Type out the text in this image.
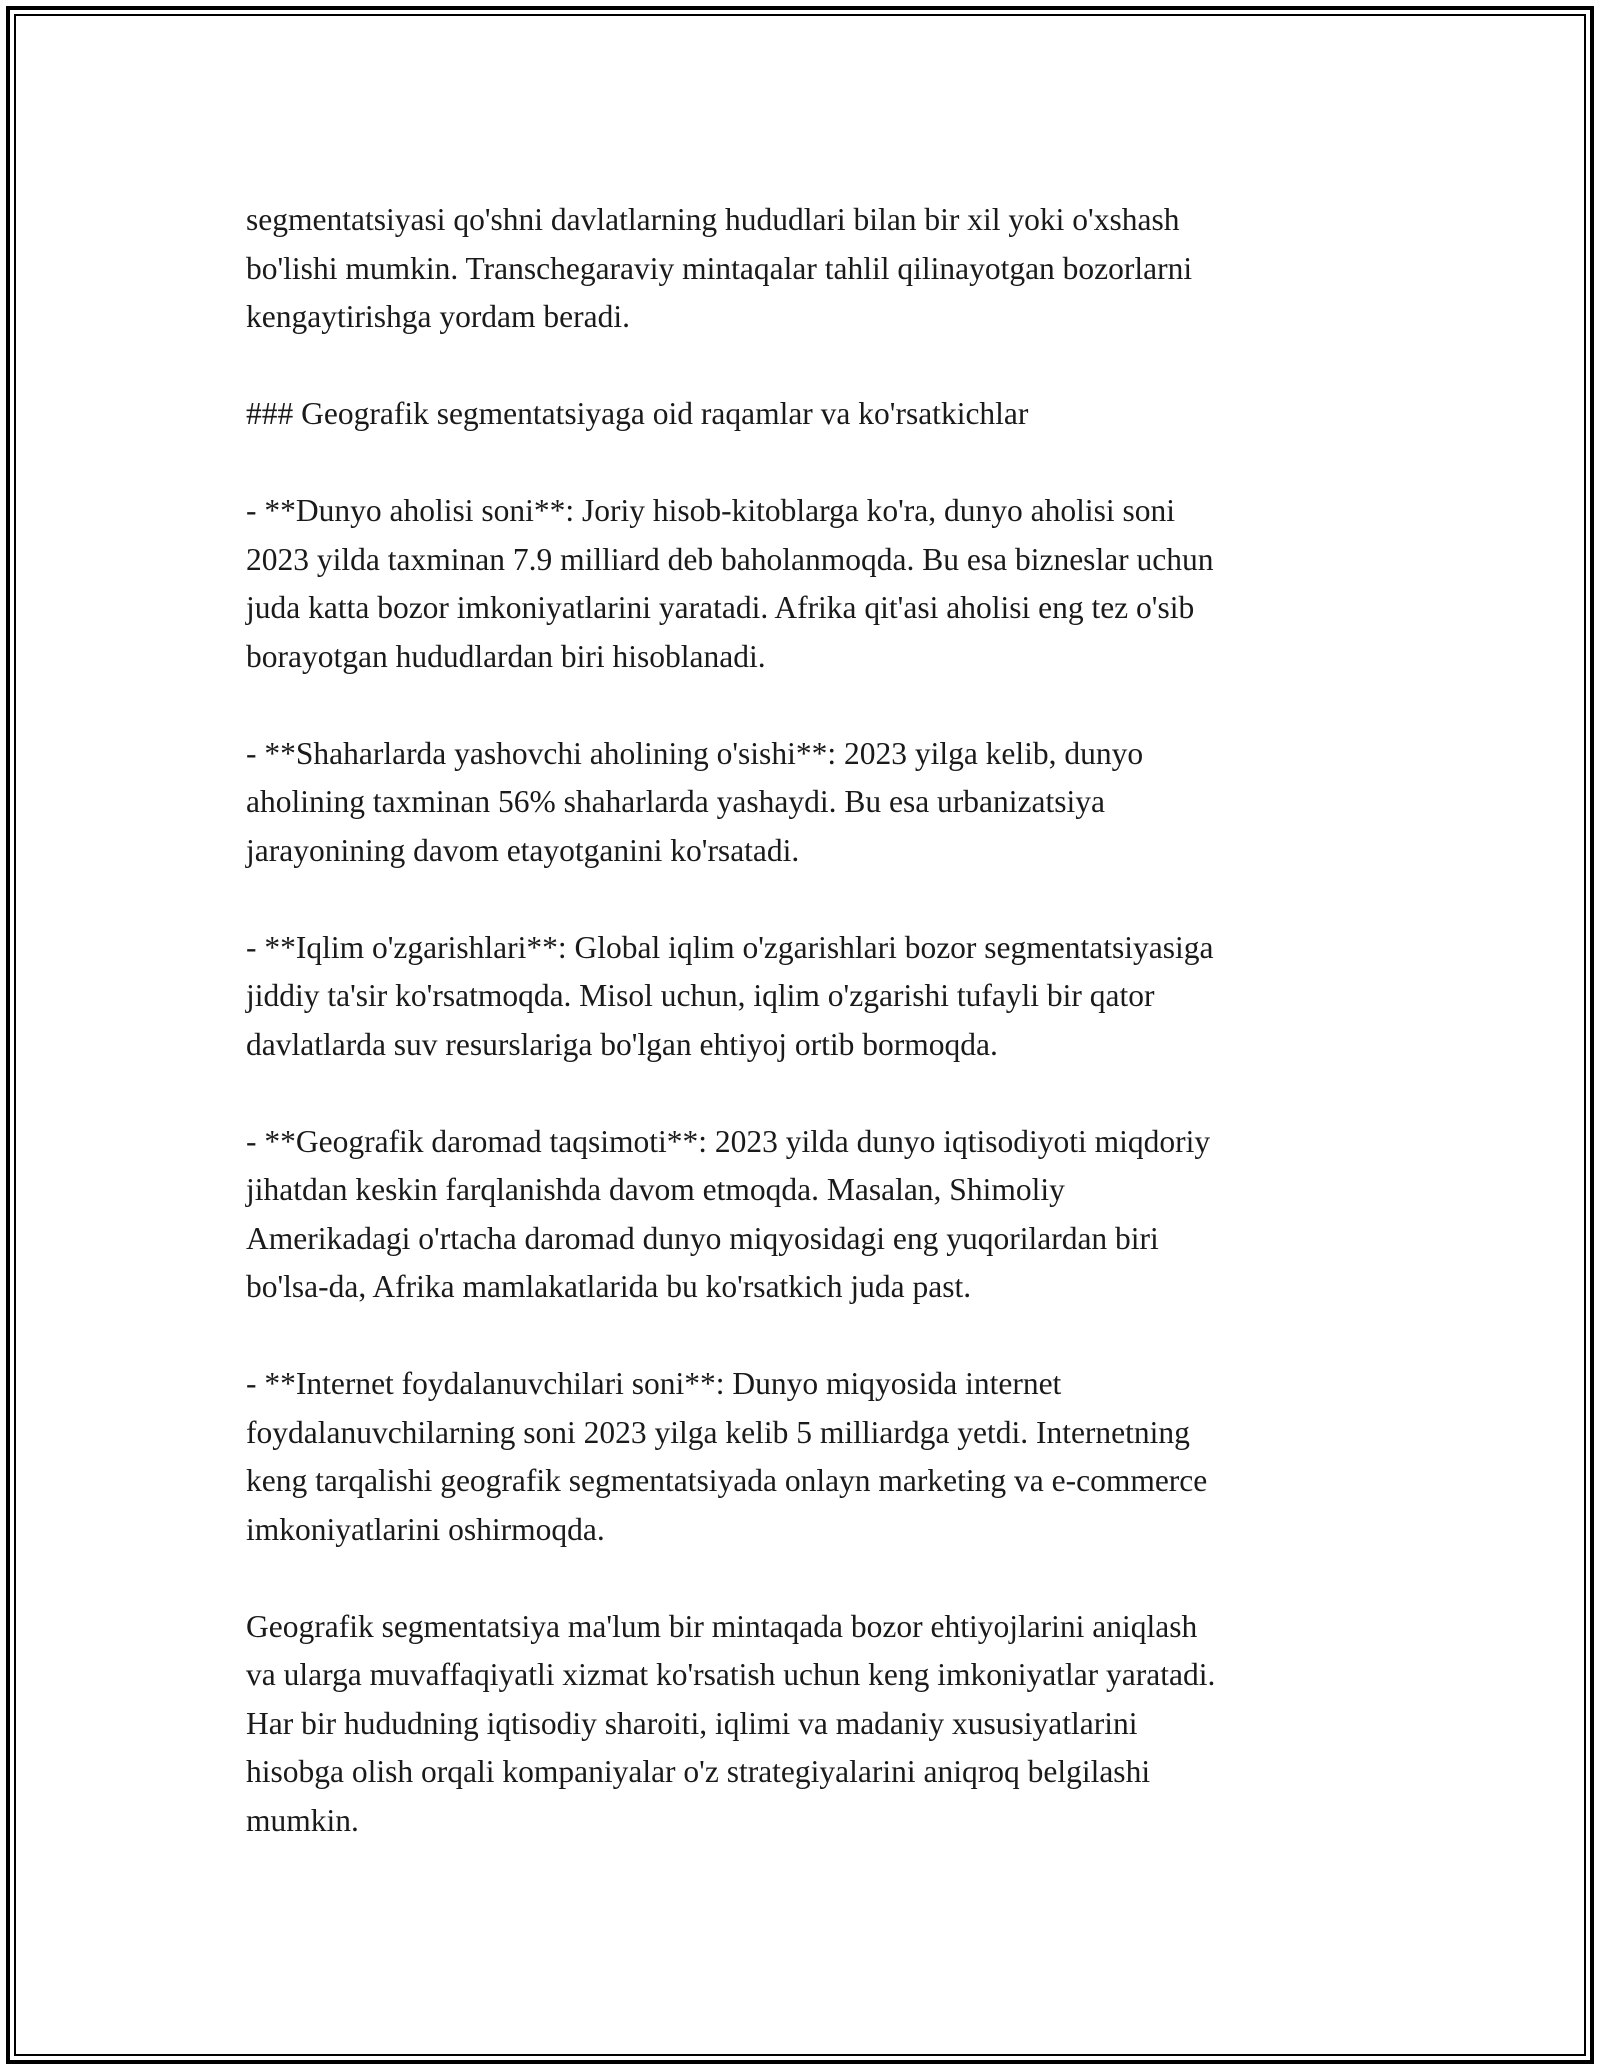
segmentatsiyasi qo'shni davlatlarning hududlari bilan bir xil yoki o'xshash
bo'lishi mumkin. Transchegaraviy mintaqalar tahlil qilinayotgan bozorlarni
kengaytirishga yordam beradi.

### Geografik segmentatsiyaga oid raqamlar va ko'rsatkichlar

- **Dunyo aholisi soni**: Joriy hisob-kitoblarga ko'ra, dunyo aholisi soni
2023 yilda taxminan 7.9 milliard deb baholanmoqda. Bu esa bizneslar uchun
juda katta bozor imkoniyatlarini yaratadi. Afrika qit'asi aholisi eng tez o'sib
borayotgan hududlardan biri hisoblanadi.

- **Shaharlarda yashovchi aholining o'sishi**: 2023 yilga kelib, dunyo
aholining taxminan 56% shaharlarda yashaydi. Bu esa urbanizatsiya
jarayonining davom etayotganini ko'rsatadi.

- **Iqlim o'zgarishlari**: Global iqlim o'zgarishlari bozor segmentatsiyasiga
jiddiy ta'sir ko'rsatmoqda. Misol uchun, iqlim o'zgarishi tufayli bir qator
davlatlarda suv resurslariga bo'lgan ehtiyoj ortib bormoqda.

- **Geografik daromad taqsimoti**: 2023 yilda dunyo iqtisodiyoti miqdoriy
jihatdan keskin farqlanishda davom etmoqda. Masalan, Shimoliy
Amerikadagi o'rtacha daromad dunyo miqyosidagi eng yuqorilardan biri
bo'lsa-da, Afrika mamlakatlarida bu ko'rsatkich juda past.

- **Internet foydalanuvchilari soni**: Dunyo miqyosida internet
foydalanuvchilarning soni 2023 yilga kelib 5 milliardga yetdi. Internetning
keng tarqalishi geografik segmentatsiyada onlayn marketing va e-commerce
imkoniyatlarini oshirmoqda.

Geografik segmentatsiya ma'lum bir mintaqada bozor ehtiyojlarini aniqlash
va ularga muvaffaqiyatli xizmat ko'rsatish uchun keng imkoniyatlar yaratadi.
Har bir hududning iqtisodiy sharoiti, iqlimi va madaniy xususiyatlarini
hisobga olish orqali kompaniyalar o'z strategiyalarini aniqroq belgilashi
mumkin.
